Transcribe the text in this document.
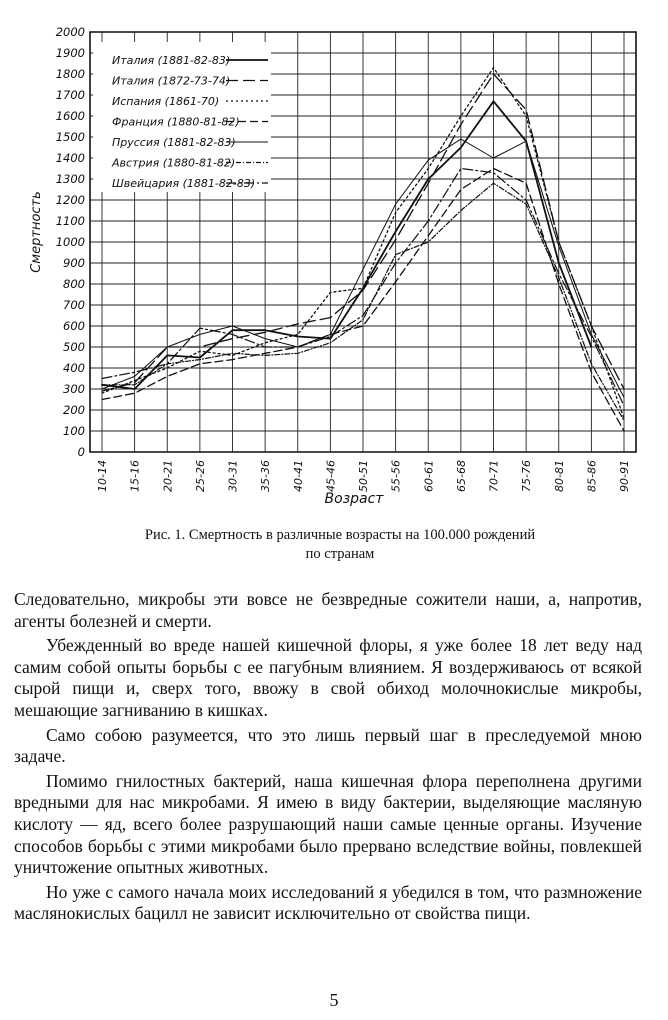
Италия (1881-82-83)
Италия (1872-73-74)
Испания (1861-70)
Франция (1880-81-82)
Пруссия (1881-82-83)
Австрия (1880-81-82)
Швейцария (1881-82-83)
0
100
200
300
400
500
600
700
800
900
1000
1100
1200
1300
1400
1500
1600
1700
1800
1900
2000
10-14 15-16 20-21 25-26 30-31 35-36 40-41 45-46 50-51 55-56 60-61 65-68 70-71 75-76 80-81 85-86 90-91
Смертность
Возраст
Рис. 1. Смертность в различные возрасты на 100.000 рождений
по странам

Следовательно, микробы эти вовсе не безвредные сожители наши, а, напротив, агенты болезней и смерти.

Убежденный во вреде нашей кишечной флоры, я уже более 18 лет веду над самим собой опыты борьбы с ее пагубным влиянием. Я воздерживаюсь от всякой сырой пищи и, сверх того, ввожу в свой обиход молочнокислые микробы, мешающие загниванию в кишках.

Само собою разумеется, что это лишь первый шаг в преследуемой мною задаче.

Помимо гнилостных бактерий, наша кишечная флора переполнена другими вредными для нас микробами. Я имею в виду бактерии, выделяющие масляную кислоту — яд, всего более разрушающий наши самые ценные органы. Изучение способов борьбы с этими микробами было прервано вследствие войны, повлекшей уничтожение опытных животных.

Но уже с самого начала моих исследований я убедился в том, что размножение маслянокислых бацилл не зависит исключительно от свойства пищи.

5
